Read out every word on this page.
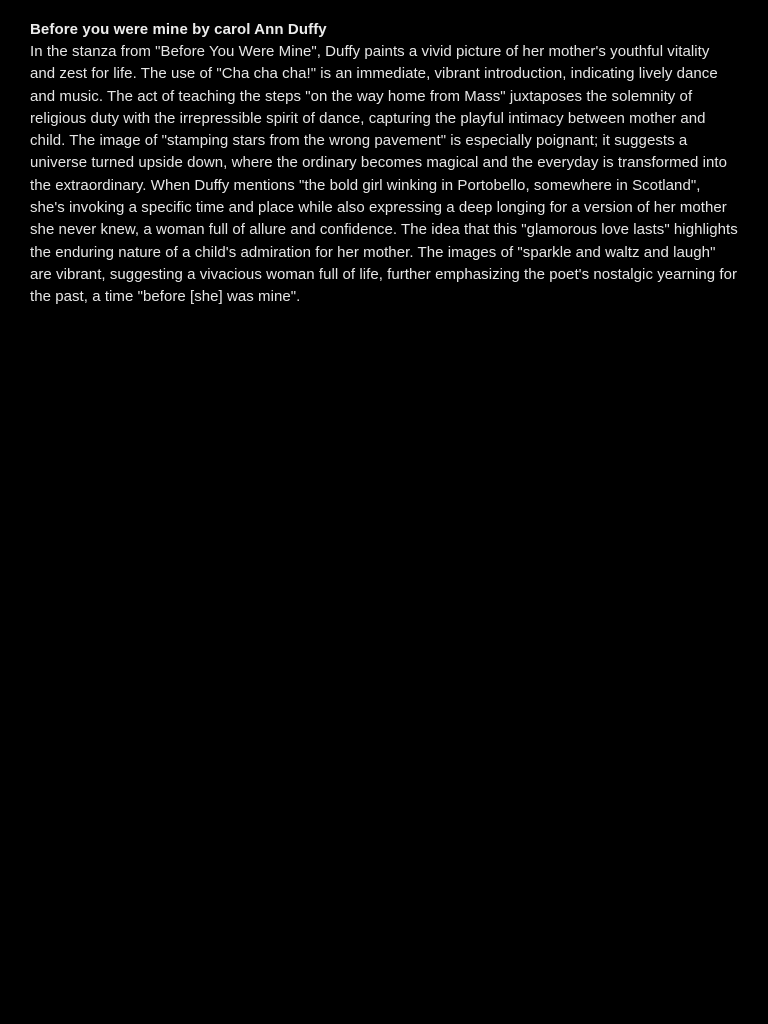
Before you were mine by carol Ann Duffy

In the stanza from "Before You Were Mine", Duffy paints a vivid picture of her mother's youthful vitality and zest for life. The use of "Cha cha cha!" is an immediate, vibrant introduction, indicating lively dance and music. The act of teaching the steps "on the way home from Mass" juxtaposes the solemnity of religious duty with the irrepressible spirit of dance, capturing the playful intimacy between mother and child. The image of "stamping stars from the wrong pavement" is especially poignant; it suggests a universe turned upside down, where the ordinary becomes magical and the everyday is transformed into the extraordinary. When Duffy mentions "the bold girl winking in Portobello, somewhere in Scotland", she's invoking a specific time and place while also expressing a deep longing for a version of her mother she never knew, a woman full of allure and confidence. The idea that this "glamorous love lasts" highlights the enduring nature of a child's admiration for her mother. The images of "sparkle and waltz and laugh" are vibrant, suggesting a vivacious woman full of life, further emphasizing the poet's nostalgic yearning for the past, a time "before [she] was mine".
